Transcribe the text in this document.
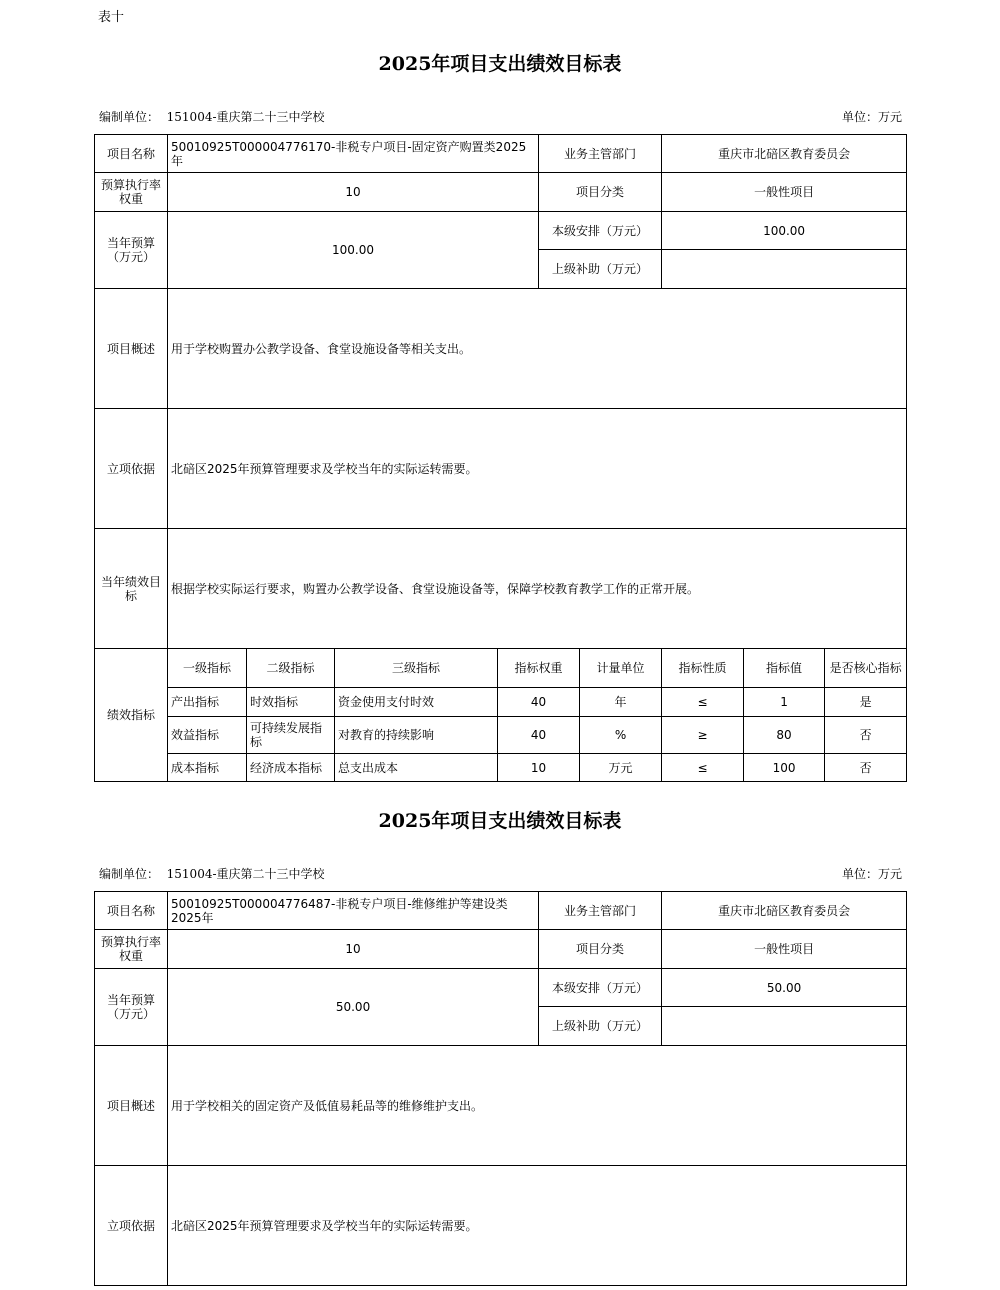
表十
2025年项目支出绩效目标表
编制单位： 151004-重庆第二十三中学校	单位：万元
项目名称	50010925T000004776170-非税专户项目-固定资产购置类2025年				业务主管部门		重庆市北碚区教育委员会		
预算执行率权重	10				项目分类		一般性项目		
当年预算（万元）	100.00				本级安排（万元）		100.00		
					上级补助（万元）				
项目概述	用于学校购置办公教学设备、食堂设施设备等相关支出。								
立项依据	北碚区2025年预算管理要求及学校当年的实际运转需要。								
当年绩效目标	根据学校实际运行要求，购置办公教学设备、食堂设施设备等，保障学校教育教学工作的正常开展。								
绩效指标	一级指标	二级指标	三级指标	指标权重		计量单位	指标性质	指标值	是否核心指标
	产出指标	时效指标	资金使用支付时效	40		年	≤	1	是
	效益指标	可持续发展指标	对教育的持续影响	40		%	≥	80	否
	成本指标	经济成本指标	总支出成本	10		万元	≤	100	否
2025年项目支出绩效目标表
编制单位： 151004-重庆第二十三中学校	单位：万元
项目名称	50010925T000004776487-非税专户项目-维修维护等建设类2025年	业务主管部门	重庆市北碚区教育委员会
预算执行率权重	10	项目分类	一般性项目
当年预算（万元）	50.00	本级安排（万元）	50.00
		上级补助（万元）	
项目概述	用于学校相关的固定资产及低值易耗品等的维修维护支出。		
立项依据	北碚区2025年预算管理要求及学校当年的实际运转需要。		
